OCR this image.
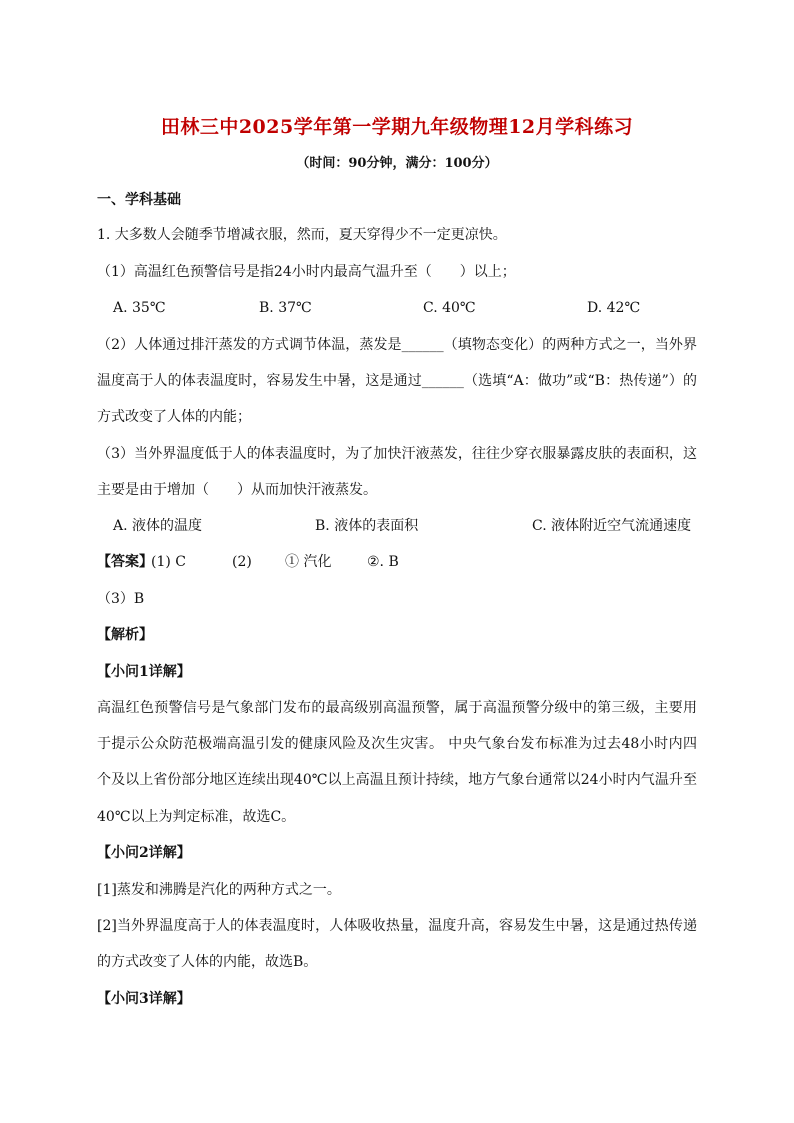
田林三中2025学年第一学期九年级物理12月学科练习
（时间：90分钟，满分：100分）
一、学科基础
1. 大多数人会随季节增减衣服，然而，夏天穿得少不一定更凉快。
（1）高温红色预警信号是指24小时内最高气温升至（　　）以上；
A. 35℃	B. 37℃	C. 40℃	D. 42℃
（2）人体通过排汗蒸发的方式调节体温，蒸发是______（填物态变化）的两种方式之一，当外界
温度高于人的体表温度时，容易发生中暑，这是通过______（选填“A：做功”或“B：热传递”）的
方式改变了人体的内能；
（3）当外界温度低于人的体表温度时，为了加快汗液蒸发，往往少穿衣服暴露皮肤的表面积，这
主要是由于增加（　　）从而加快汗液蒸发。
A. 液体的温度	B. 液体的表面积	C. 液体附近空气流通速度
【答案】
(1) C	(2) ① 汽化	②. B
（3）B
【解析】
【小问1详解】
高温红色预警信号是气象部门发布的最高级别高温预警，属于高温预警分级中的第三级，主要用
于提示公众防范极端高温引发的健康风险及次生灾害。 中央气象台发布标准为过去48小时内四
个及以上省份部分地区连续出现40℃以上高温且预计持续，地方气象台通常以24小时内气温升至
40℃以上为判定标准，故选C。
【小问2详解】
[1]蒸发和沸腾是汽化的两种方式之一。
[2]当外界温度高于人的体表温度时，人体吸收热量，温度升高，容易发生中暑，这是通过热传递
的方式改变了人体的内能，故选B。
【小问3详解】
